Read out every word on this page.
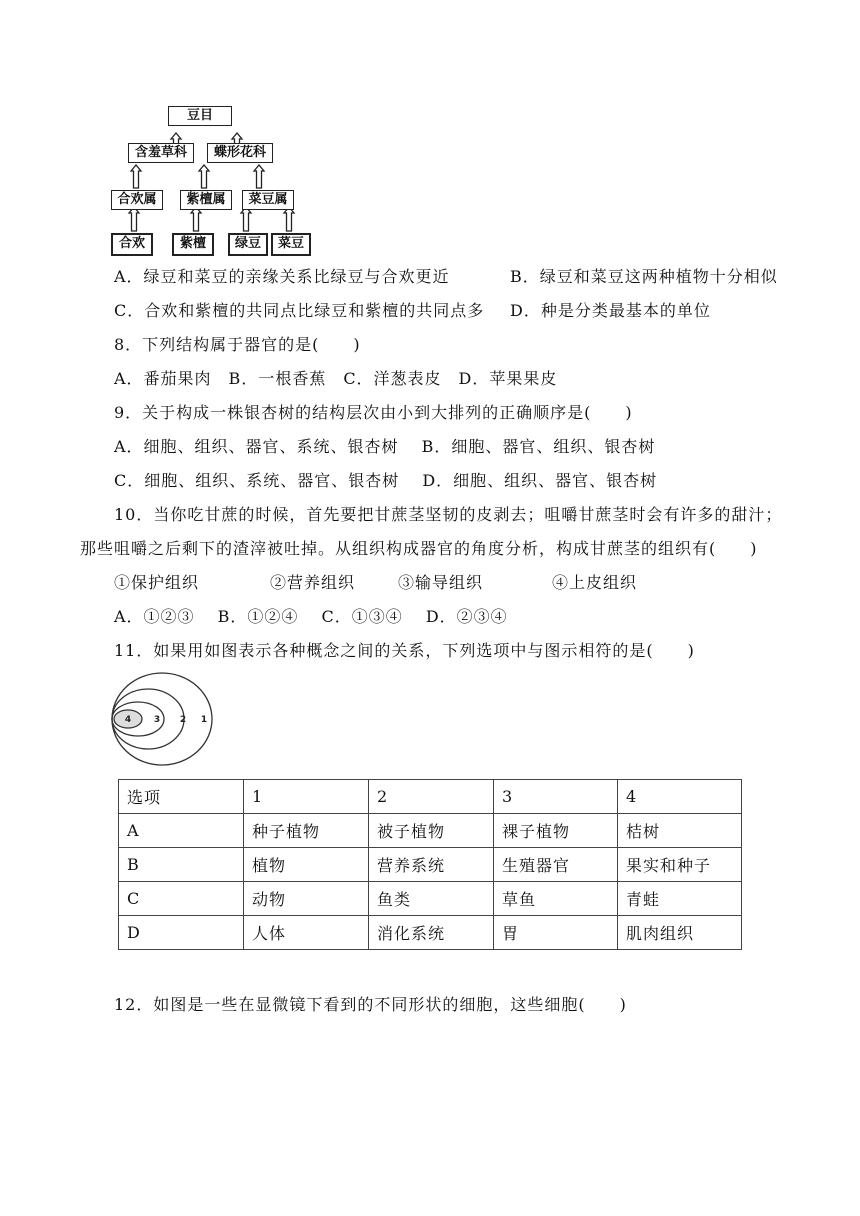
豆目
含羞草科	蝶形花科
合欢属	紫檀属	菜豆属
合欢	紫檀	绿豆	菜豆
A．绿豆和菜豆的亲缘关系比绿豆与合欢更近	B．绿豆和菜豆这两种植物十分相似
C．合欢和紫檀的共同点比绿豆和紫檀的共同点多 D．种是分类最基本的单位
8．下列结构属于器官的是(　　)
A．番茄果肉　B．一根香蕉　C．洋葱表皮　D．苹果果皮
9．关于构成一株银杏树的结构层次由小到大排列的正确顺序是(　　)
A．细胞、组织、器官、系统、银杏树　 B．细胞、器官、组织、银杏树
C．细胞、组织、系统、器官、银杏树　 D．细胞、组织、器官、银杏树
10．当你吃甘蔗的时候，首先要把甘蔗茎坚韧的皮剥去；咀嚼甘蔗茎时会有许多的甜汁；
那些咀嚼之后剩下的渣滓被吐掉。从组织构成器官的角度分析，构成甘蔗茎的组织有(　　)
①保护组织	②营养组织	③输导组织	④上皮组织
A．①②③　 B．①②④　 C．①③④　 D．②③④
11．如果用如图表示各种概念之间的关系，下列选项中与图示相符的是(　　)
4	3 2 1
选项	1	2	3	4
A	种子植物	被子植物	裸子植物	桔树
B	植物	营养系统	生殖器官	果实和种子
C	动物	鱼类	草鱼	青蛙
D	人体	消化系统	胃	肌肉组织
12．如图是一些在显微镜下看到的不同形状的细胞，这些细胞(　　)
